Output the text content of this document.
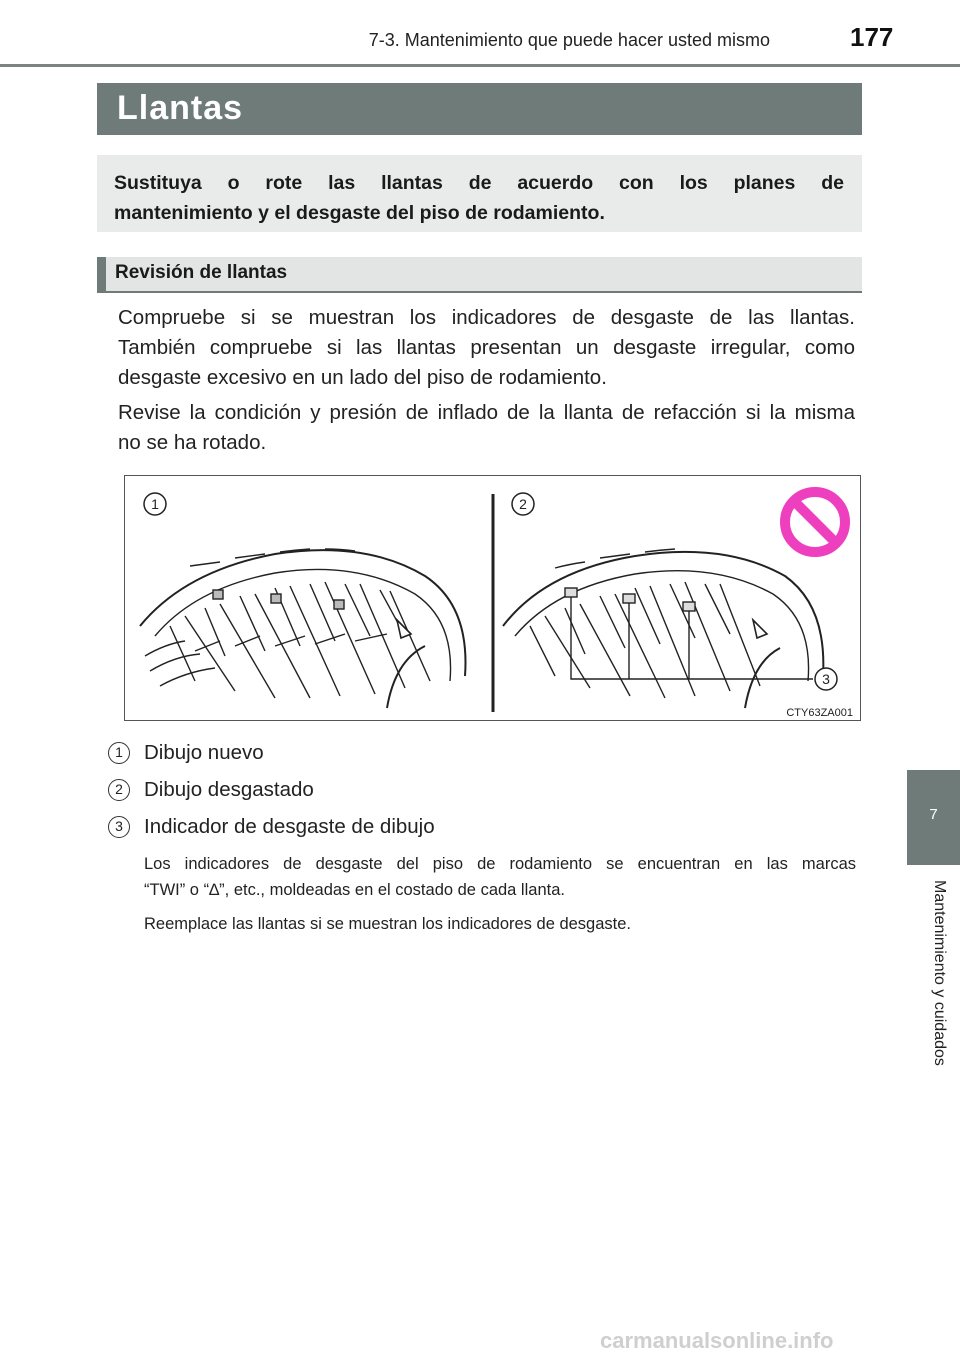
7-3. Mantenimiento que puede hacer usted mismo	177
Llantas
Sustituya o rote las llantas de acuerdo con los planes de
mantenimiento y el desgaste del piso de rodamiento.
Revisión de llantas
Compruebe si se muestran los indicadores de desgaste de las llantas.
También compruebe si las llantas presentan un desgaste irregular, como
desgaste excesivo en un lado del piso de rodamiento.
Revise la condición y presión de inflado de la llanta de refacción si la misma
no se ha rotado.
1	2
3
CTY63ZA001
1	Dibujo nuevo
2	Dibujo desgastado
3	Indicador de desgaste de dibujo
Los indicadores de desgaste del piso de rodamiento se encuentran en las marcas
“TWI” o “∆”, etc., moldeadas en el costado de cada llanta.
Reemplace las llantas si se muestran los indicadores de desgaste.
7
Mantenimiento y cuidados
carmanualsonline.info
